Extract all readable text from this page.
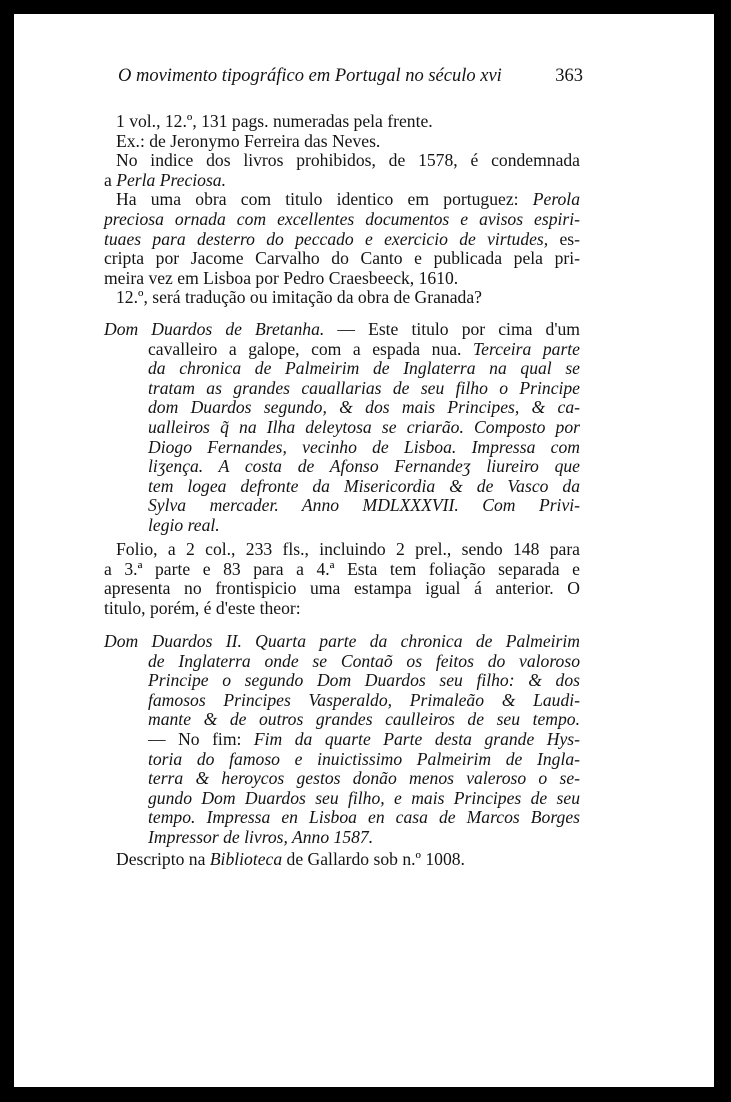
O movimento tipográfico em Portugal no século xvi	363
1 vol., 12.º, 131 pags. numeradas pela frente.
Ex.: de Jeronymo Ferreira das Neves.
No indice dos livros prohibidos, de 1578, é condemnada
a Perla Preciosa.
Ha uma obra com titulo identico em portuguez: Perola
preciosa ornada com excellentes documentos e avisos espiri-
tuaes para desterro do peccado e exercicio de virtudes, es-
cripta por Jacome Carvalho do Canto e publicada pela pri-
meira vez em Lisboa por Pedro Craesbeeck, 1610.
12.º, será tradução ou imitação da obra de Granada?
Dom Duardos de Bretanha. — Este titulo por cima d'um
cavalleiro a galope, com a espada nua. Terceira parte
da chronica de Palmeirim de Inglaterra na qual se
tratam as grandes cauallarias de seu filho o Principe
dom Duardos segundo, & dos mais Principes, & ca-
ualleiros q̃ na Ilha deleytosa se criarão. Composto por
Diogo Fernandes, vecinho de Lisboa. Impressa com
liʒença. A costa de Afonso Fernandeʒ liureiro que
tem logea defronte da Misericordia & de Vasco da
Sylva mercader. Anno MDLXXXVII. Com Privi-
legio real.
Folio, a 2 col., 233 fls., incluindo 2 prel., sendo 148 para
a 3.ª parte e 83 para a 4.ª Esta tem foliação separada e
apresenta no frontispicio uma estampa igual á anterior. O
titulo, porém, é d'este theor:
Dom Duardos II. Quarta parte da chronica de Palmeirim
de Inglaterra onde se Contaõ os feitos do valoroso
Principe o segundo Dom Duardos seu filho: & dos
famosos Principes Vasperaldo, Primaleão & Laudi-
mante & de outros grandes caulleiros de seu tempo.
— No fim: Fim da quarte Parte desta grande Hys-
toria do famoso e inuictissimo Palmeirim de Ingla-
terra & heroycos gestos donão menos valeroso o se-
gundo Dom Duardos seu filho, e mais Principes de seu
tempo. Impressa en Lisboa en casa de Marcos Borges
Impressor de livros, Anno 1587.
Descripto na Biblioteca de Gallardo sob n.º 1008.
